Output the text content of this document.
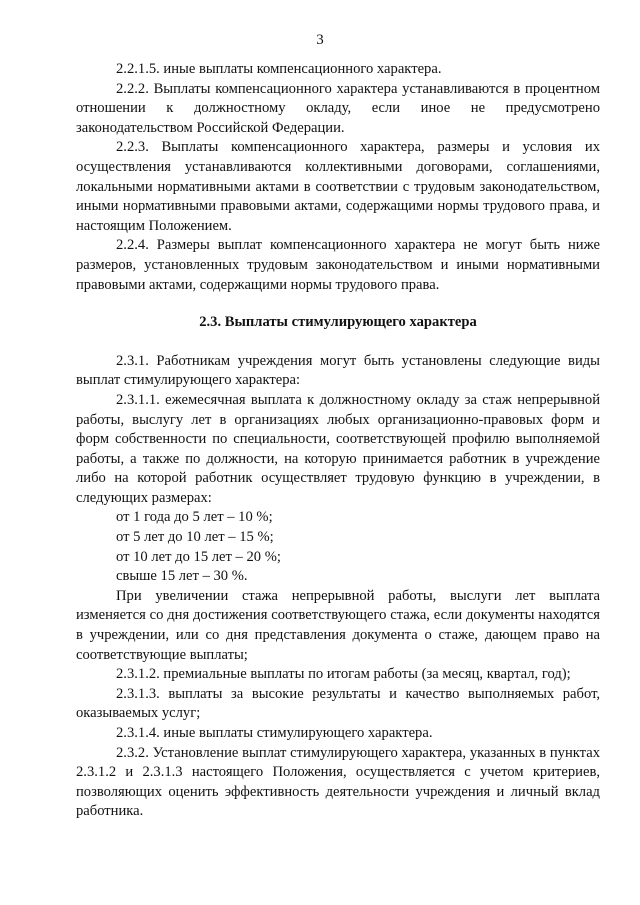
3

2.2.1.5. иные выплаты компенсационного характера.

2.2.2. Выплаты компенсационного характера устанавливаются в процентном отношении к должностному окладу, если иное не предусмотрено законодательством Российской Федерации.

2.2.3. Выплаты компенсационного характера, размеры и условия их осуществления устанавливаются коллективными договорами, соглашениями, локальными нормативными актами в соответствии с трудовым законодательством, иными нормативными правовыми актами, содержащими нормы трудового права, и настоящим Положением.

2.2.4. Размеры выплат компенсационного характера не могут быть ниже размеров, установленных трудовым законодательством и иными нормативными правовыми актами, содержащими нормы трудового права.

2.3. Выплаты стимулирующего характера

2.3.1. Работникам учреждения могут быть установлены следующие виды выплат стимулирующего характера:

2.3.1.1. ежемесячная выплата к должностному окладу за стаж непрерывной работы, выслугу лет в организациях любых организационно-правовых форм и форм собственности по специальности, соответствующей профилю выполняемой работы, а также по должности, на которую принимается работник в учреждение либо на которой работник осуществляет трудовую функцию в учреждении, в следующих размерах:

от 1 года до 5 лет – 10 %;

от 5 лет до 10 лет – 15 %;

от 10 лет до 15 лет – 20 %;

свыше 15 лет – 30 %.

При увеличении стажа непрерывной работы, выслуги лет выплата изменяется со дня достижения соответствующего стажа, если документы находятся в учреждении, или со дня представления документа о стаже, дающем право на соответствующие выплаты;

2.3.1.2. премиальные выплаты по итогам работы (за месяц, квартал, год);

2.3.1.3. выплаты за высокие результаты и качество выполняемых работ, оказываемых услуг;

2.3.1.4. иные выплаты стимулирующего характера.

2.3.2. Установление выплат стимулирующего характера, указанных в пунктах 2.3.1.2 и 2.3.1.3 настоящего Положения, осуществляется с учетом критериев, позволяющих оценить эффективность деятельности учреждения и личный вклад работника.
